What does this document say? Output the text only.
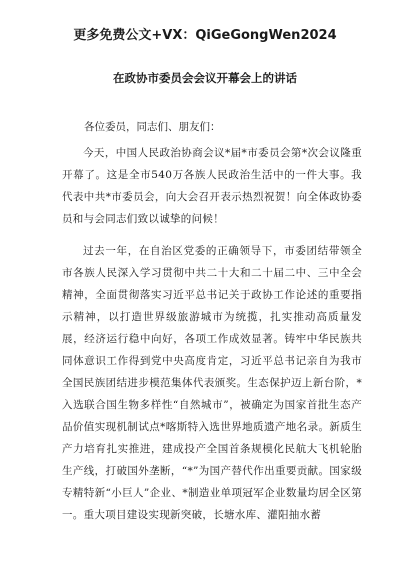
更多免费公文+VX：QiGeGongWen2024
在政协市委员会会议开幕会上的讲话

各位委员，同志们、朋友们：

今天，中国人民政治协商会议*届*市委员会第*次会议隆重开幕了。这是全市540万各族人民政治生活中的一件大事。我代表中共*市委员会，向大会召开表示热烈祝贺！向全体政协委员和与会同志们致以诚挚的问候！

过去一年，在自治区党委的正确领导下，市委团结带领全市各族人民深入学习贯彻中共二十大和二十届二中、三中全会精神，全面贯彻落实习近平总书记关于政协工作论述的重要指示精神，以打造世界级旅游城市为统揽，扎实推动高质量发展，经济运行稳中向好，各项工作成效显著。铸牢中华民族共同体意识工作得到党中央高度肯定，习近平总书记亲自为我市全国民族团结进步模范集体代表颁奖。生态保护迈上新台阶，*入选联合国生物多样性“自然城市”，被确定为国家首批生态产品价值实现机制试点*喀斯特入选世界地质遗产地名录。新质生产力培育扎实推进，建成投产全国首条规模化民航大飞机轮胎生产线，打破国外垄断，“*”为国产替代作出重要贡献。国家级专精特新“小巨人”企业、*制造业单项冠军企业数量均居全区第一。重大项目建设实现新突破，长塘水库、灌阳抽水蓄
